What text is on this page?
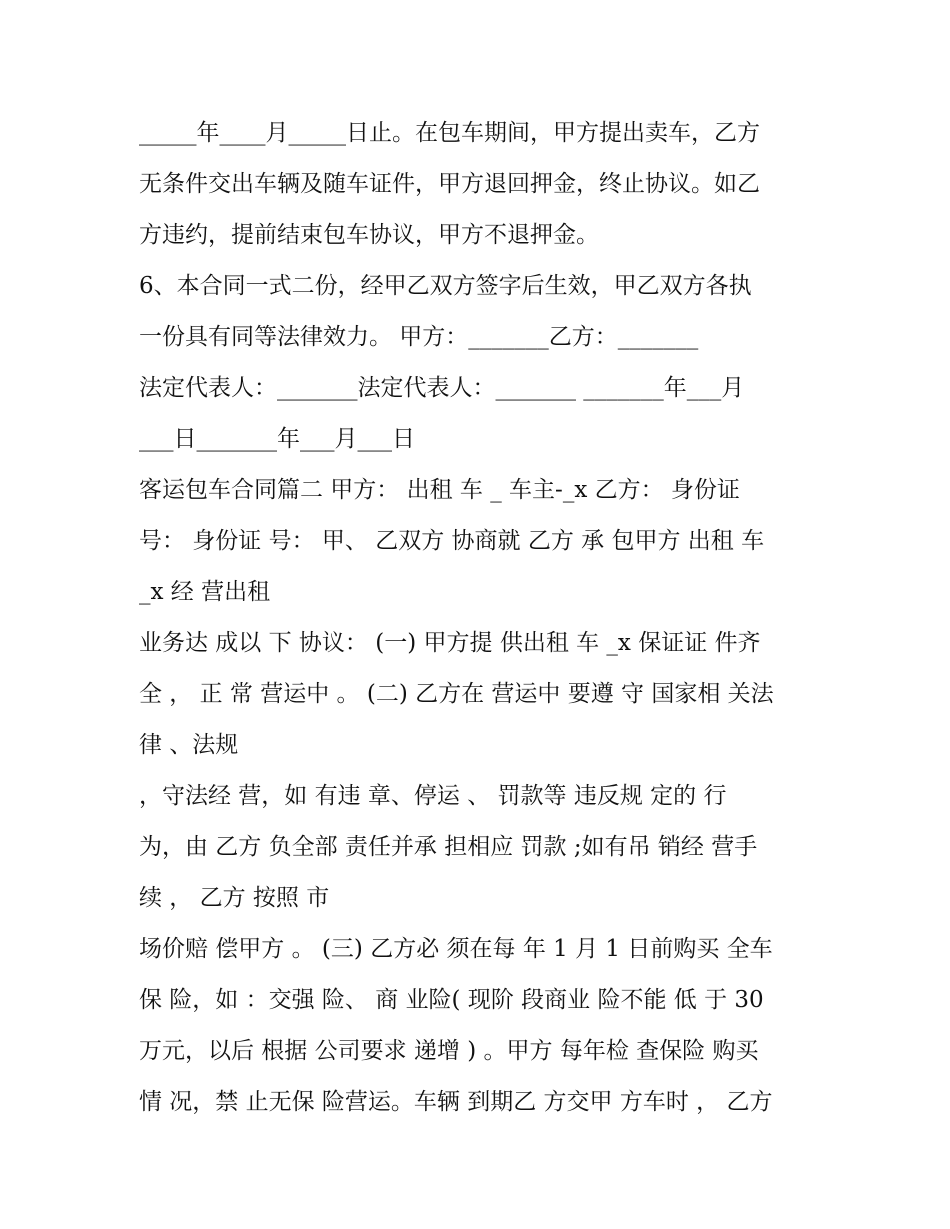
_____年____月_____日止。在包车期间，甲方提出卖车，乙方
无条件交出车辆及随车证件，甲方退回押金，终止协议。如乙
方违约，提前结束包车协议，甲方不退押金。
6、本合同一式二份，经甲乙双方签字后生效，甲乙双方各执
一份具有同等法律效力。 甲方：_______乙方：_______
法定代表人：_______法定代表人：_______ _______年___月
___日_______年___月___日
客运包车合同篇二 甲方： 出租 车 _ 车主-_x 乙方： 身份证
号： 身份证 号： 甲、 乙双方 协商就 乙方 承 包甲方 出租 车
_x 经 营出租
业务达 成以 下 协议： (一) 甲方提 供出租 车 _x 保证证 件齐
全 ， 正 常 营运中 。 (二) 乙方在 营运中 要遵 守 国家相 关法
律 、法规
，守法经 营，如 有违 章、停运 、 罚款等 违反规 定的 行
为，由 乙方 负全部 责任并承 担相应 罚款 ;如有吊 销经 营手
续 ， 乙方 按照 市
场价赔 偿甲方 。 (三) 乙方必 须在每 年 1 月 1 日前购买 全车
保 险，如 ：交强 险、 商 业险( 现阶 段商业 险不能 低 于 30
万元，以后 根据 公司要求 递增 ) 。甲方 每年检 查保险 购买
情 况，禁 止无保 险营运。车辆 到期乙 方交甲 方车时 ， 乙方
